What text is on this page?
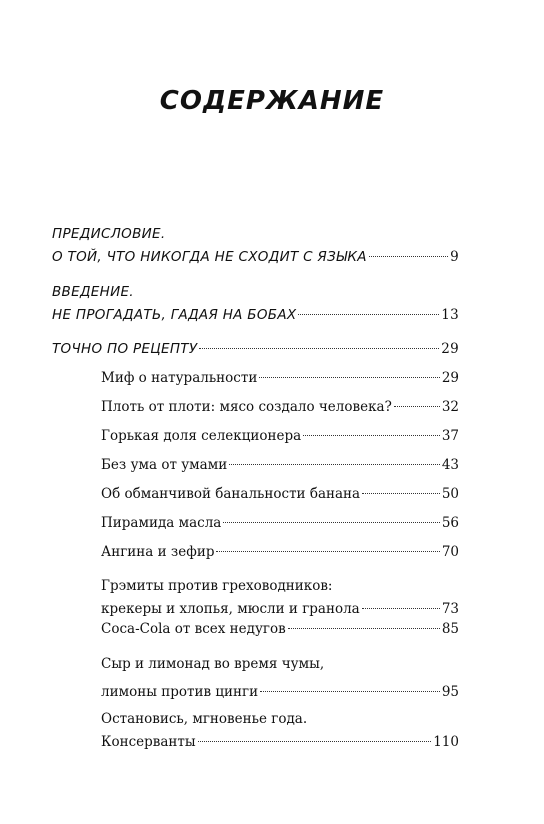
СОДЕРЖАНИЕ
ПРЕДИСЛОВИЕ.
О ТОЙ, ЧТО НИКОГДА НЕ СХОДИТ С ЯЗЫКА	9
ВВЕДЕНИЕ.
НЕ ПРОГАДАТЬ, ГАДАЯ НА БОБАХ	13
ТОЧНО ПО РЕЦЕПТУ	29
Миф о натуральности	29
Плоть от плоти: мясо создало человека?	32
Горькая доля селекционера	37
Без ума от умами	43
Об обманчивой банальности банана	50
Пирамида масла	56
Ангина и зефир	70
Грэмиты против греховодников:
крекеры и хлопья, мюсли и гранола	73
Coca-Cola от всех недугов	85
Сыр и лимонад во время чумы,
лимоны против цинги	95
Остановись, мгновенье года.
Консерванты	110
